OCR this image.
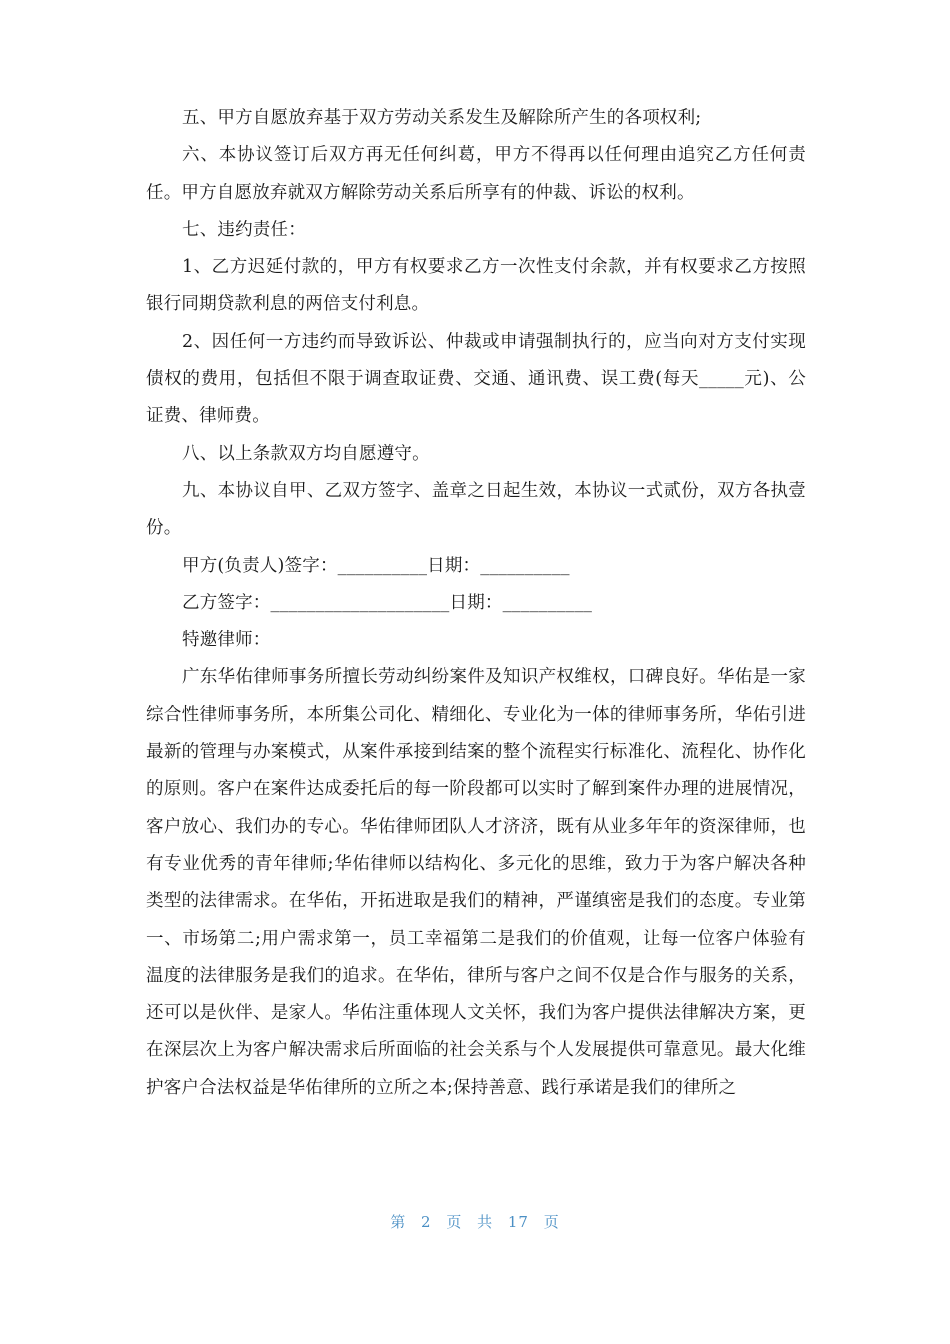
五、甲方自愿放弃基于双方劳动关系发生及解除所产生的各项权利;

六、本协议签订后双方再无任何纠葛，甲方不得再以任何理由追究乙方任何责任。甲方自愿放弃就双方解除劳动关系后所享有的仲裁、诉讼的权利。

七、违约责任：

1、乙方迟延付款的，甲方有权要求乙方一次性支付余款，并有权要求乙方按照银行同期贷款利息的两倍支付利息。

2、因任何一方违约而导致诉讼、仲裁或申请强制执行的，应当向对方支付实现债权的费用，包括但不限于调查取证费、交通、通讯费、误工费(每天_____元)、公证费、律师费。

八、以上条款双方均自愿遵守。

九、本协议自甲、乙双方签字、盖章之日起生效，本协议一式贰份，双方各执壹份。

甲方(负责人)签字：__________日期：__________

乙方签字：____________________日期：__________

特邀律师：

广东华佑律师事务所擅长劳动纠纷案件及知识产权维权，口碑良好。华佑是一家综合性律师事务所，本所集公司化、精细化、专业化为一体的律师事务所，华佑引进最新的管理与办案模式，从案件承接到结案的整个流程实行标准化、流程化、协作化的原则。客户在案件达成委托后的每一阶段都可以实时了解到案件办理的进展情况，客户放心、我们办的专心。华佑律师团队人才济济，既有从业多年年的资深律师，也有专业优秀的青年律师;华佑律师以结构化、多元化的思维，致力于为客户解决各种类型的法律需求。在华佑，开拓进取是我们的精神，严谨缜密是我们的态度。专业第一、市场第二;用户需求第一，员工幸福第二是我们的价值观，让每一位客户体验有温度的法律服务是我们的追求。在华佑，律所与客户之间不仅是合作与服务的关系，还可以是伙伴、是家人。华佑注重体现人文关怀，我们为客户提供法律解决方案，更在深层次上为客户解决需求后所面临的社会关系与个人发展提供可靠意见。最大化维护客户合法权益是华佑律所的立所之本;保持善意、践行承诺是我们的律所之

第 2 页 共 17 页
